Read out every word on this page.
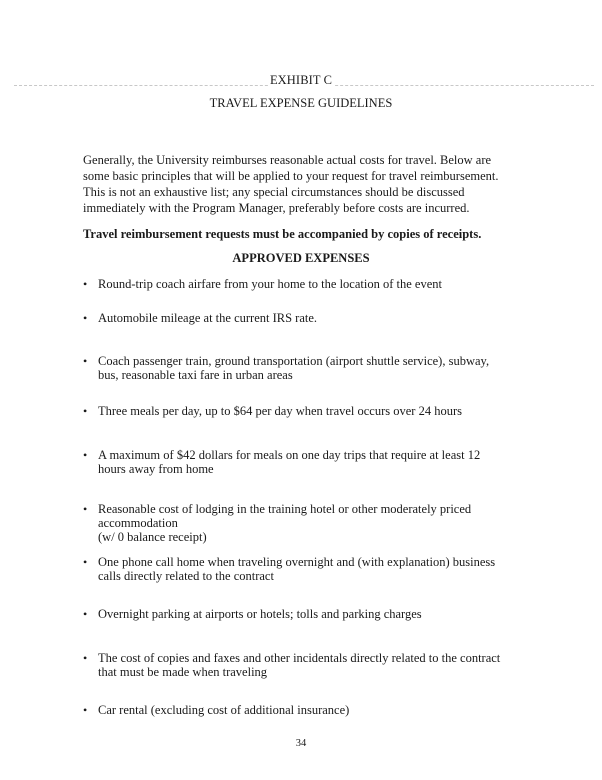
EXHIBIT C
TRAVEL EXPENSE GUIDELINES
Generally, the University reimburses reasonable actual costs for travel. Below are
some basic principles that will be applied to your request for travel reimbursement.
This is not an exhaustive list; any special circumstances should be discussed
immediately with the Program Manager, preferably before costs are incurred.
Travel reimbursement requests must be accompanied by copies of receipts.
APPROVED EXPENSES
• Round-trip coach airfare from your home to the location of the event
• Automobile mileage at the current IRS rate.
• Coach passenger train, ground transportation (airport shuttle service), subway,
bus, reasonable taxi fare in urban areas
• Three meals per day, up to $64 per day when travel occurs over 24 hours
• A maximum of $42 dollars for meals on one day trips that require at least 12
hours away from home
• Reasonable cost of lodging in the training hotel or other moderately priced
accommodation
(w/ 0 balance receipt)
• One phone call home when traveling overnight and (with explanation) business
calls directly related to the contract
• Overnight parking at airports or hotels; tolls and parking charges
• The cost of copies and faxes and other incidentals directly related to the contract
that must be made when traveling
• Car rental (excluding cost of additional insurance)
34
